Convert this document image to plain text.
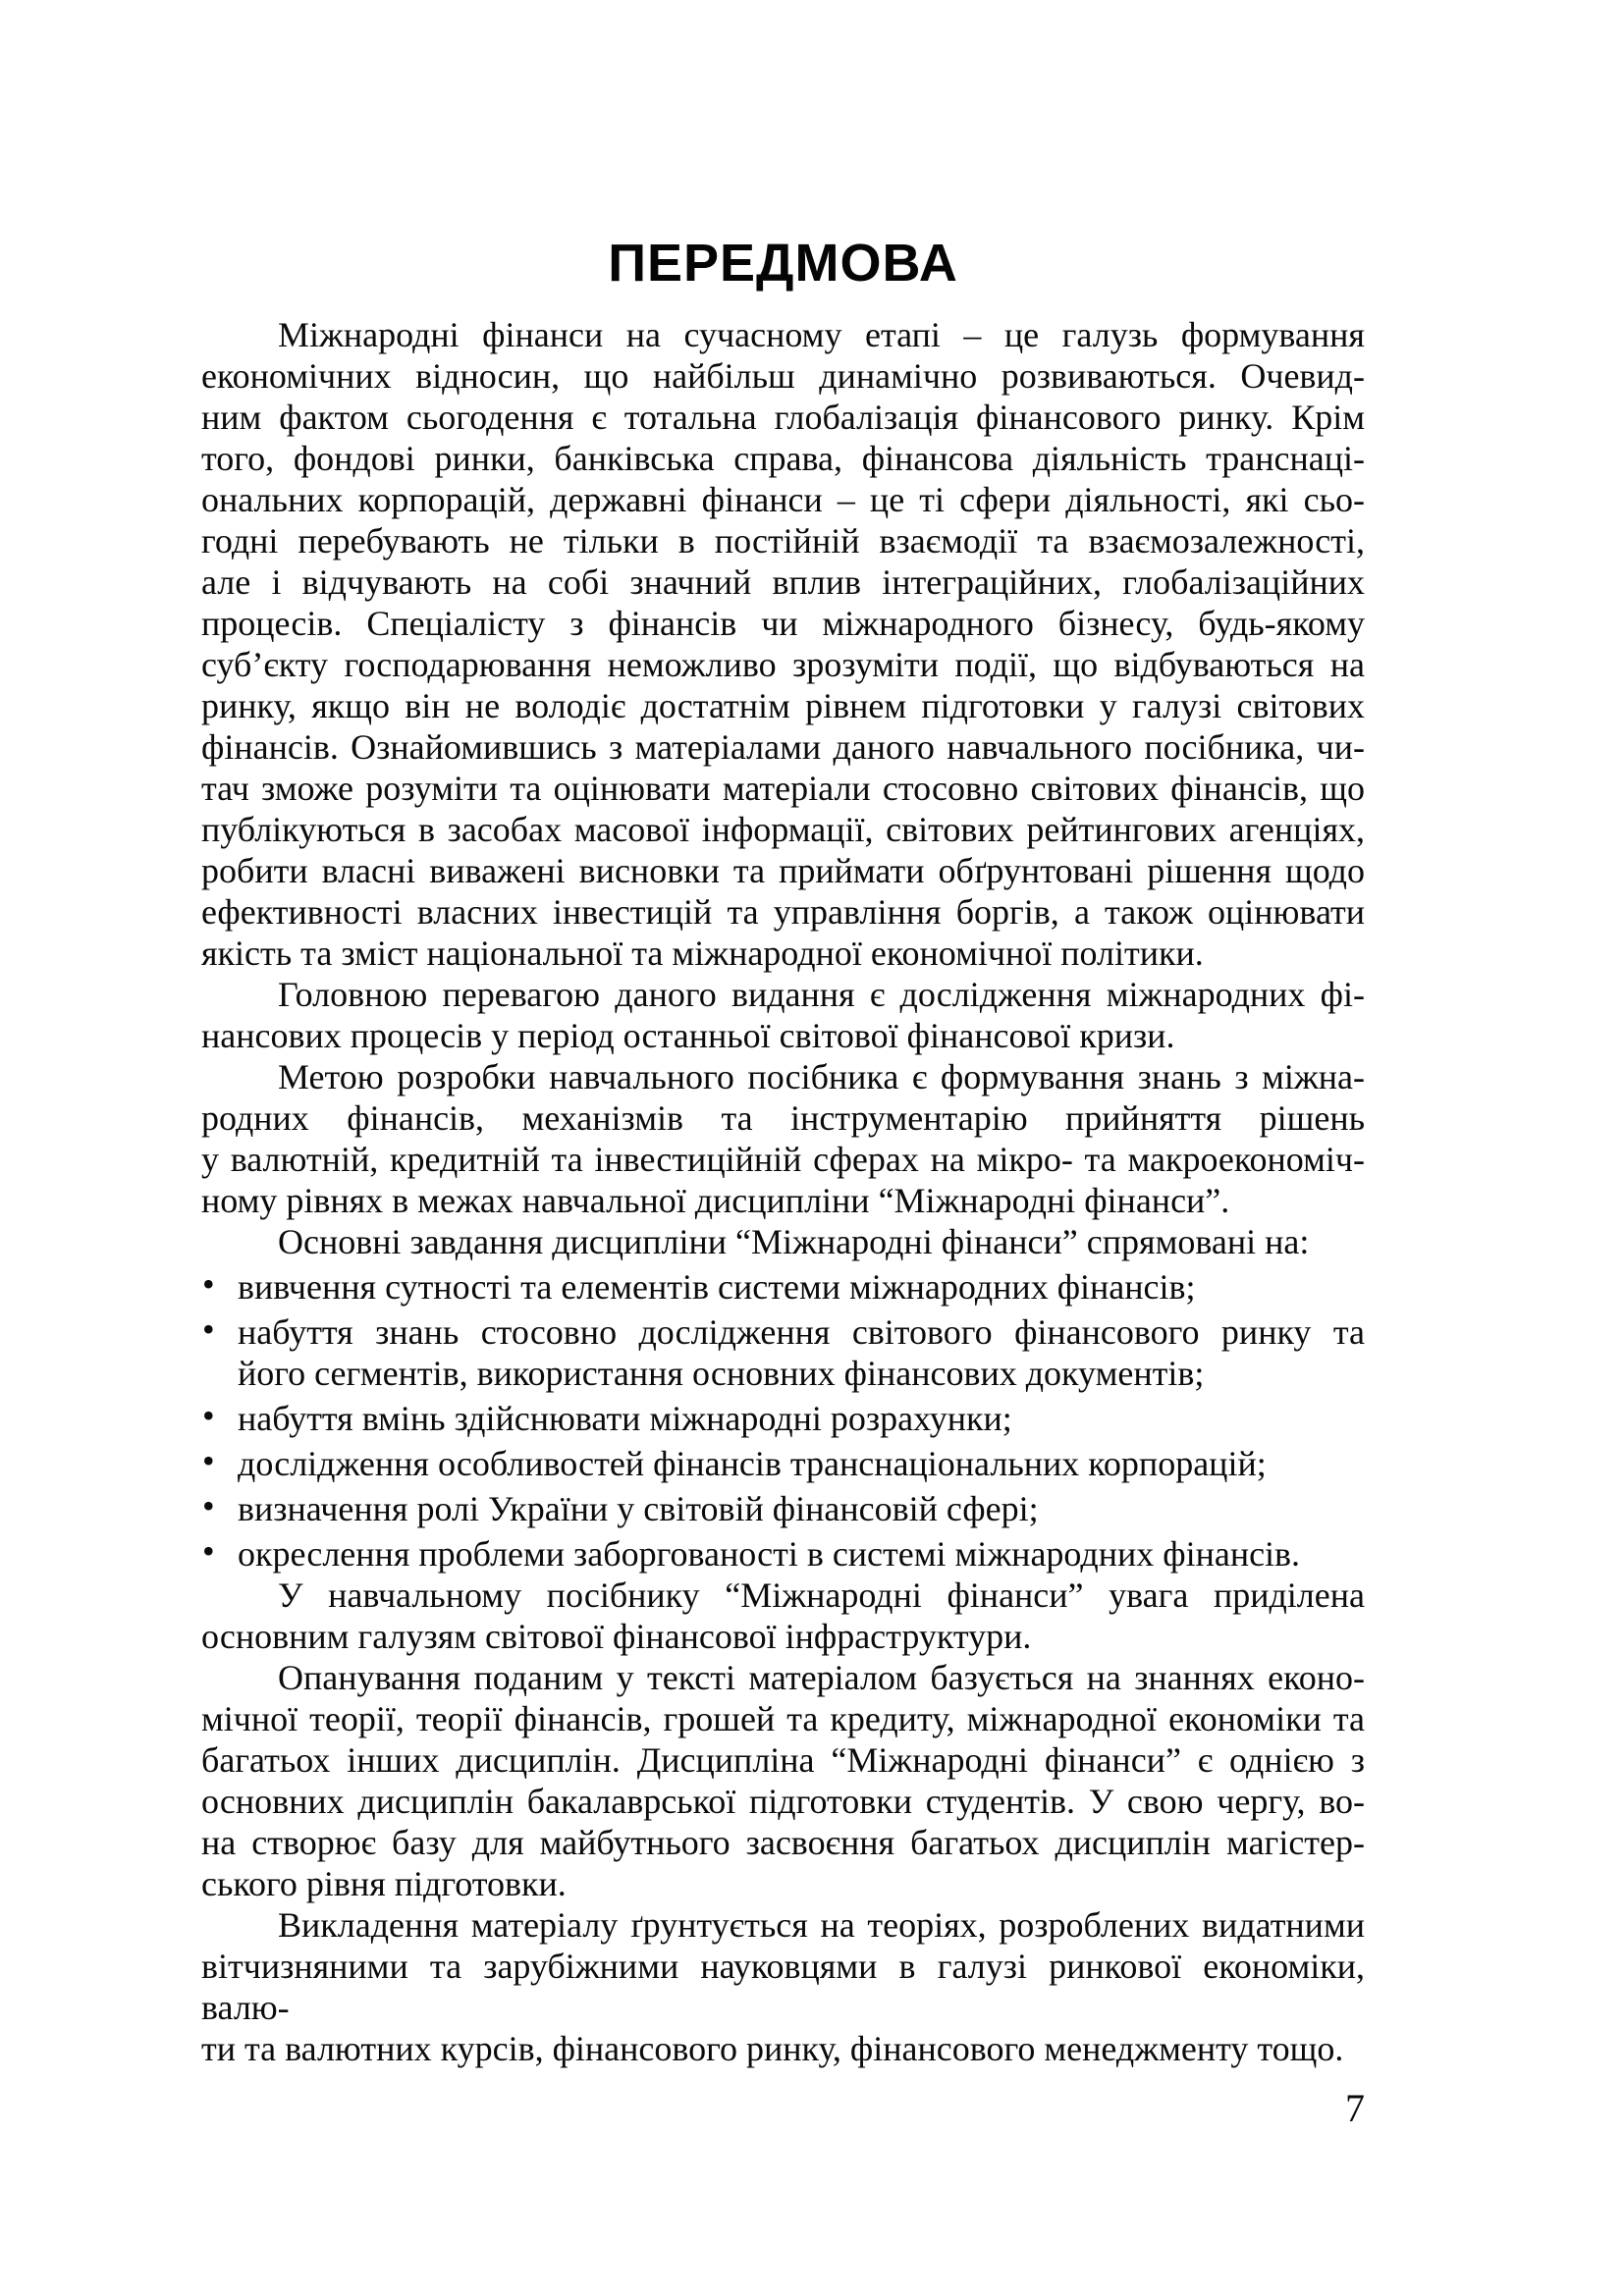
ПЕРЕДМОВА
Міжнародні фінанси на сучасному етапі – це галузь формування
економічних відносин, що найбільш динамічно розвиваються. Очевид-
ним фактом сьогодення є тотальна глобалізація фінансового ринку. Крім
того, фондові ринки, банківська справа, фінансова діяльність транснаці-
ональних корпорацій, державні фінанси – це ті сфери діяльності, які сьо-
годні перебувають не тільки в постійній взаємодії та взаємозалежності,
але і відчувають на собі значний вплив інтеграційних, глобалізаційних
процесів. Спеціалісту з фінансів чи міжнародного бізнесу, будь-якому
суб’єкту господарювання неможливо зрозуміти події, що відбуваються на
ринку, якщо він не володіє достатнім рівнем підготовки у галузі світових
фінансів. Ознайомившись з матеріалами даного навчального посібника, чи-
тач зможе розуміти та оцінювати матеріали стосовно світових фінансів, що
публікуються в засобах масової інформації, світових рейтингових агенціях,
робити власні виважені висновки та приймати обґрунтовані рішення щодо
ефективності власних інвестицій та управління боргів, а також оцінювати
якість та зміст національної та міжнародної економічної політики.
Головною перевагою даного видання є дослідження міжнародних фі-
нансових процесів у період останньої світової фінансової кризи.
Метою розробки навчального посібника є формування знань з міжна-
родних фінансів, механізмів та інструментарію прийняття рішень
у валютній, кредитній та інвестиційній сферах на мікро- та макроекономіч-
ному рівнях в межах навчальної дисципліни “Міжнародні фінанси”.
Основні завдання дисципліни “Міжнародні фінанси” спрямовані на:
• вивчення сутності та елементів системи міжнародних фінансів;
• набуття знань стосовно дослідження світового фінансового ринку та
його сегментів, використання основних фінансових документів;
• набуття вмінь здійснювати міжнародні розрахунки;
• дослідження особливостей фінансів транснаціональних корпорацій;
• визначення ролі України у світовій фінансовій сфері;
• окреслення проблеми заборгованості в системі міжнародних фінансів.
У навчальному посібнику “Міжнародні фінанси” увага приділена
основним галузям світової фінансової інфраструктури.
Опанування поданим у тексті матеріалом базується на знаннях еконо-
мічної теорії, теорії фінансів, грошей та кредиту, міжнародної економіки та
багатьох інших дисциплін. Дисципліна “Міжнародні фінанси” є однією з
основних дисциплін бакалаврської підготовки студентів. У свою чергу, во-
на створює базу для майбутнього засвоєння багатьох дисциплін магістер-
ського рівня підготовки.
Викладення матеріалу ґрунтується на теоріях, розроблених видатними
вітчизняними та зарубіжними науковцями в галузі ринкової економіки, валю-
ти та валютних курсів, фінансового ринку, фінансового менеджменту тощо.
7
